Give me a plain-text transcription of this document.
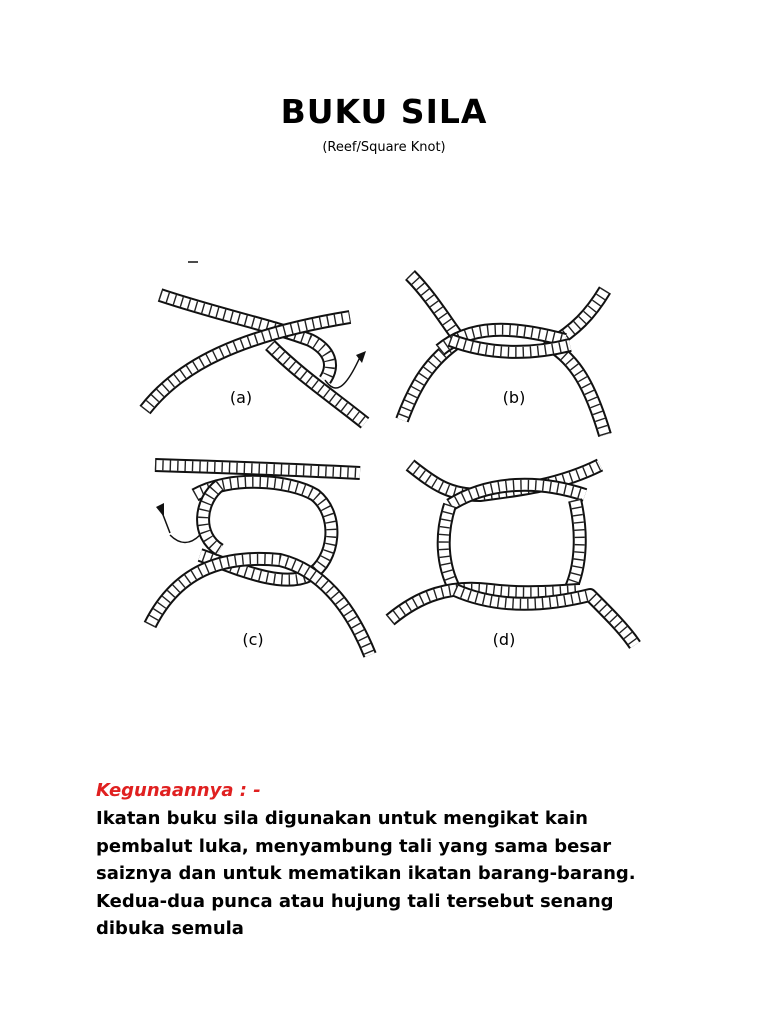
BUKU SILA
(Reef/Square Knot)
(a)	(b)
(c)	(d)
Kegunaannya : -
Ikatan buku sila digunakan untuk mengikat kain pembalut luka, menyambung tali yang sama besar saiznya dan untuk mematikan ikatan barang-barang. Kedua-dua punca atau hujung tali tersebut senang dibuka semula
